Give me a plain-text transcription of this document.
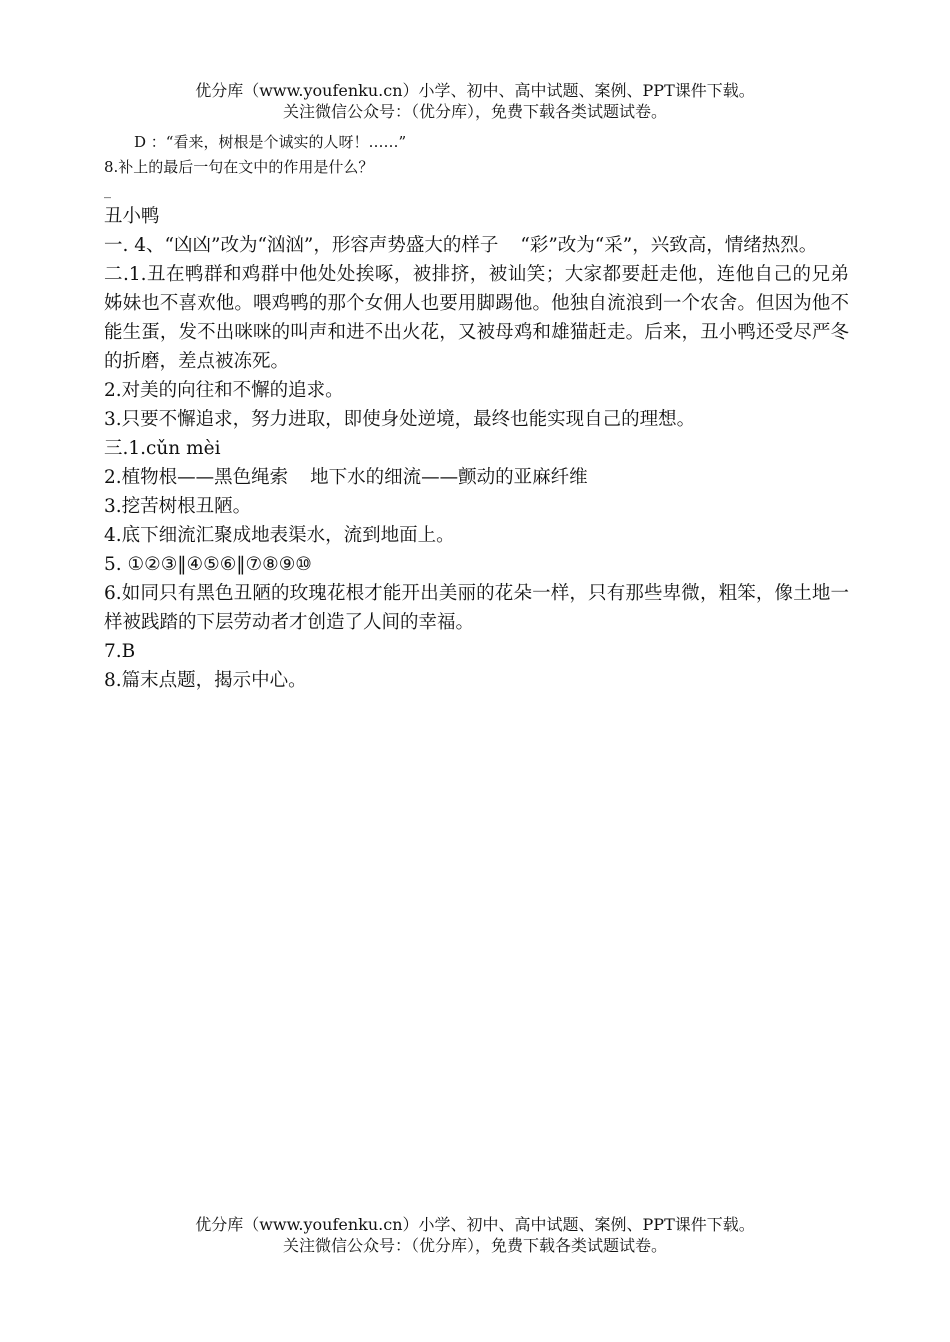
优分库（www.youfenku.cn）小学、初中、高中试题、案例、PPT课件下载。
关注微信公众号：（优分库），免费下载各类试题试卷。
D ：“看来，树根是个诚实的人呀！……”
8.补上的最后一句在文中的作用是什么？
_

丑小鸭

一. 4、“凶凶”改为“汹汹”，形容声势盛大的样子 “彩”改为“采”，兴致高，情绪热烈。

二.1.丑在鸭群和鸡群中他处处挨啄，被排挤，被讪笑；大家都要赶走他，连他自己的兄弟姊妹也不喜欢他。喂鸡鸭的那个女佣人也要用脚踢他。他独自流浪到一个农舍。但因为他不能生蛋，发不出咪咪的叫声和进不出火花，又被母鸡和雄猫赶走。后来，丑小鸭还受尽严冬的折磨，差点被冻死。

2.对美的向往和不懈的追求。

3.只要不懈追求，努力进取，即使身处逆境，最终也能实现自己的理想。

三.1.cǔn mèi

2.植物根——黑色绳索 地下水的细流——颤动的亚麻纤维

3.挖苦树根丑陋。

4.底下细流汇聚成地表渠水，流到地面上。

5. ①②③‖④⑤⑥‖⑦⑧⑨⑩

6.如同只有黑色丑陋的玫瑰花根才能开出美丽的花朵一样，只有那些卑微，粗笨，像土地一样被践踏的下层劳动者才创造了人间的幸福。

7.B

8.篇末点题，揭示中心。

优分库（www.youfenku.cn）小学、初中、高中试题、案例、PPT课件下载。
关注微信公众号：（优分库），免费下载各类试题试卷。
